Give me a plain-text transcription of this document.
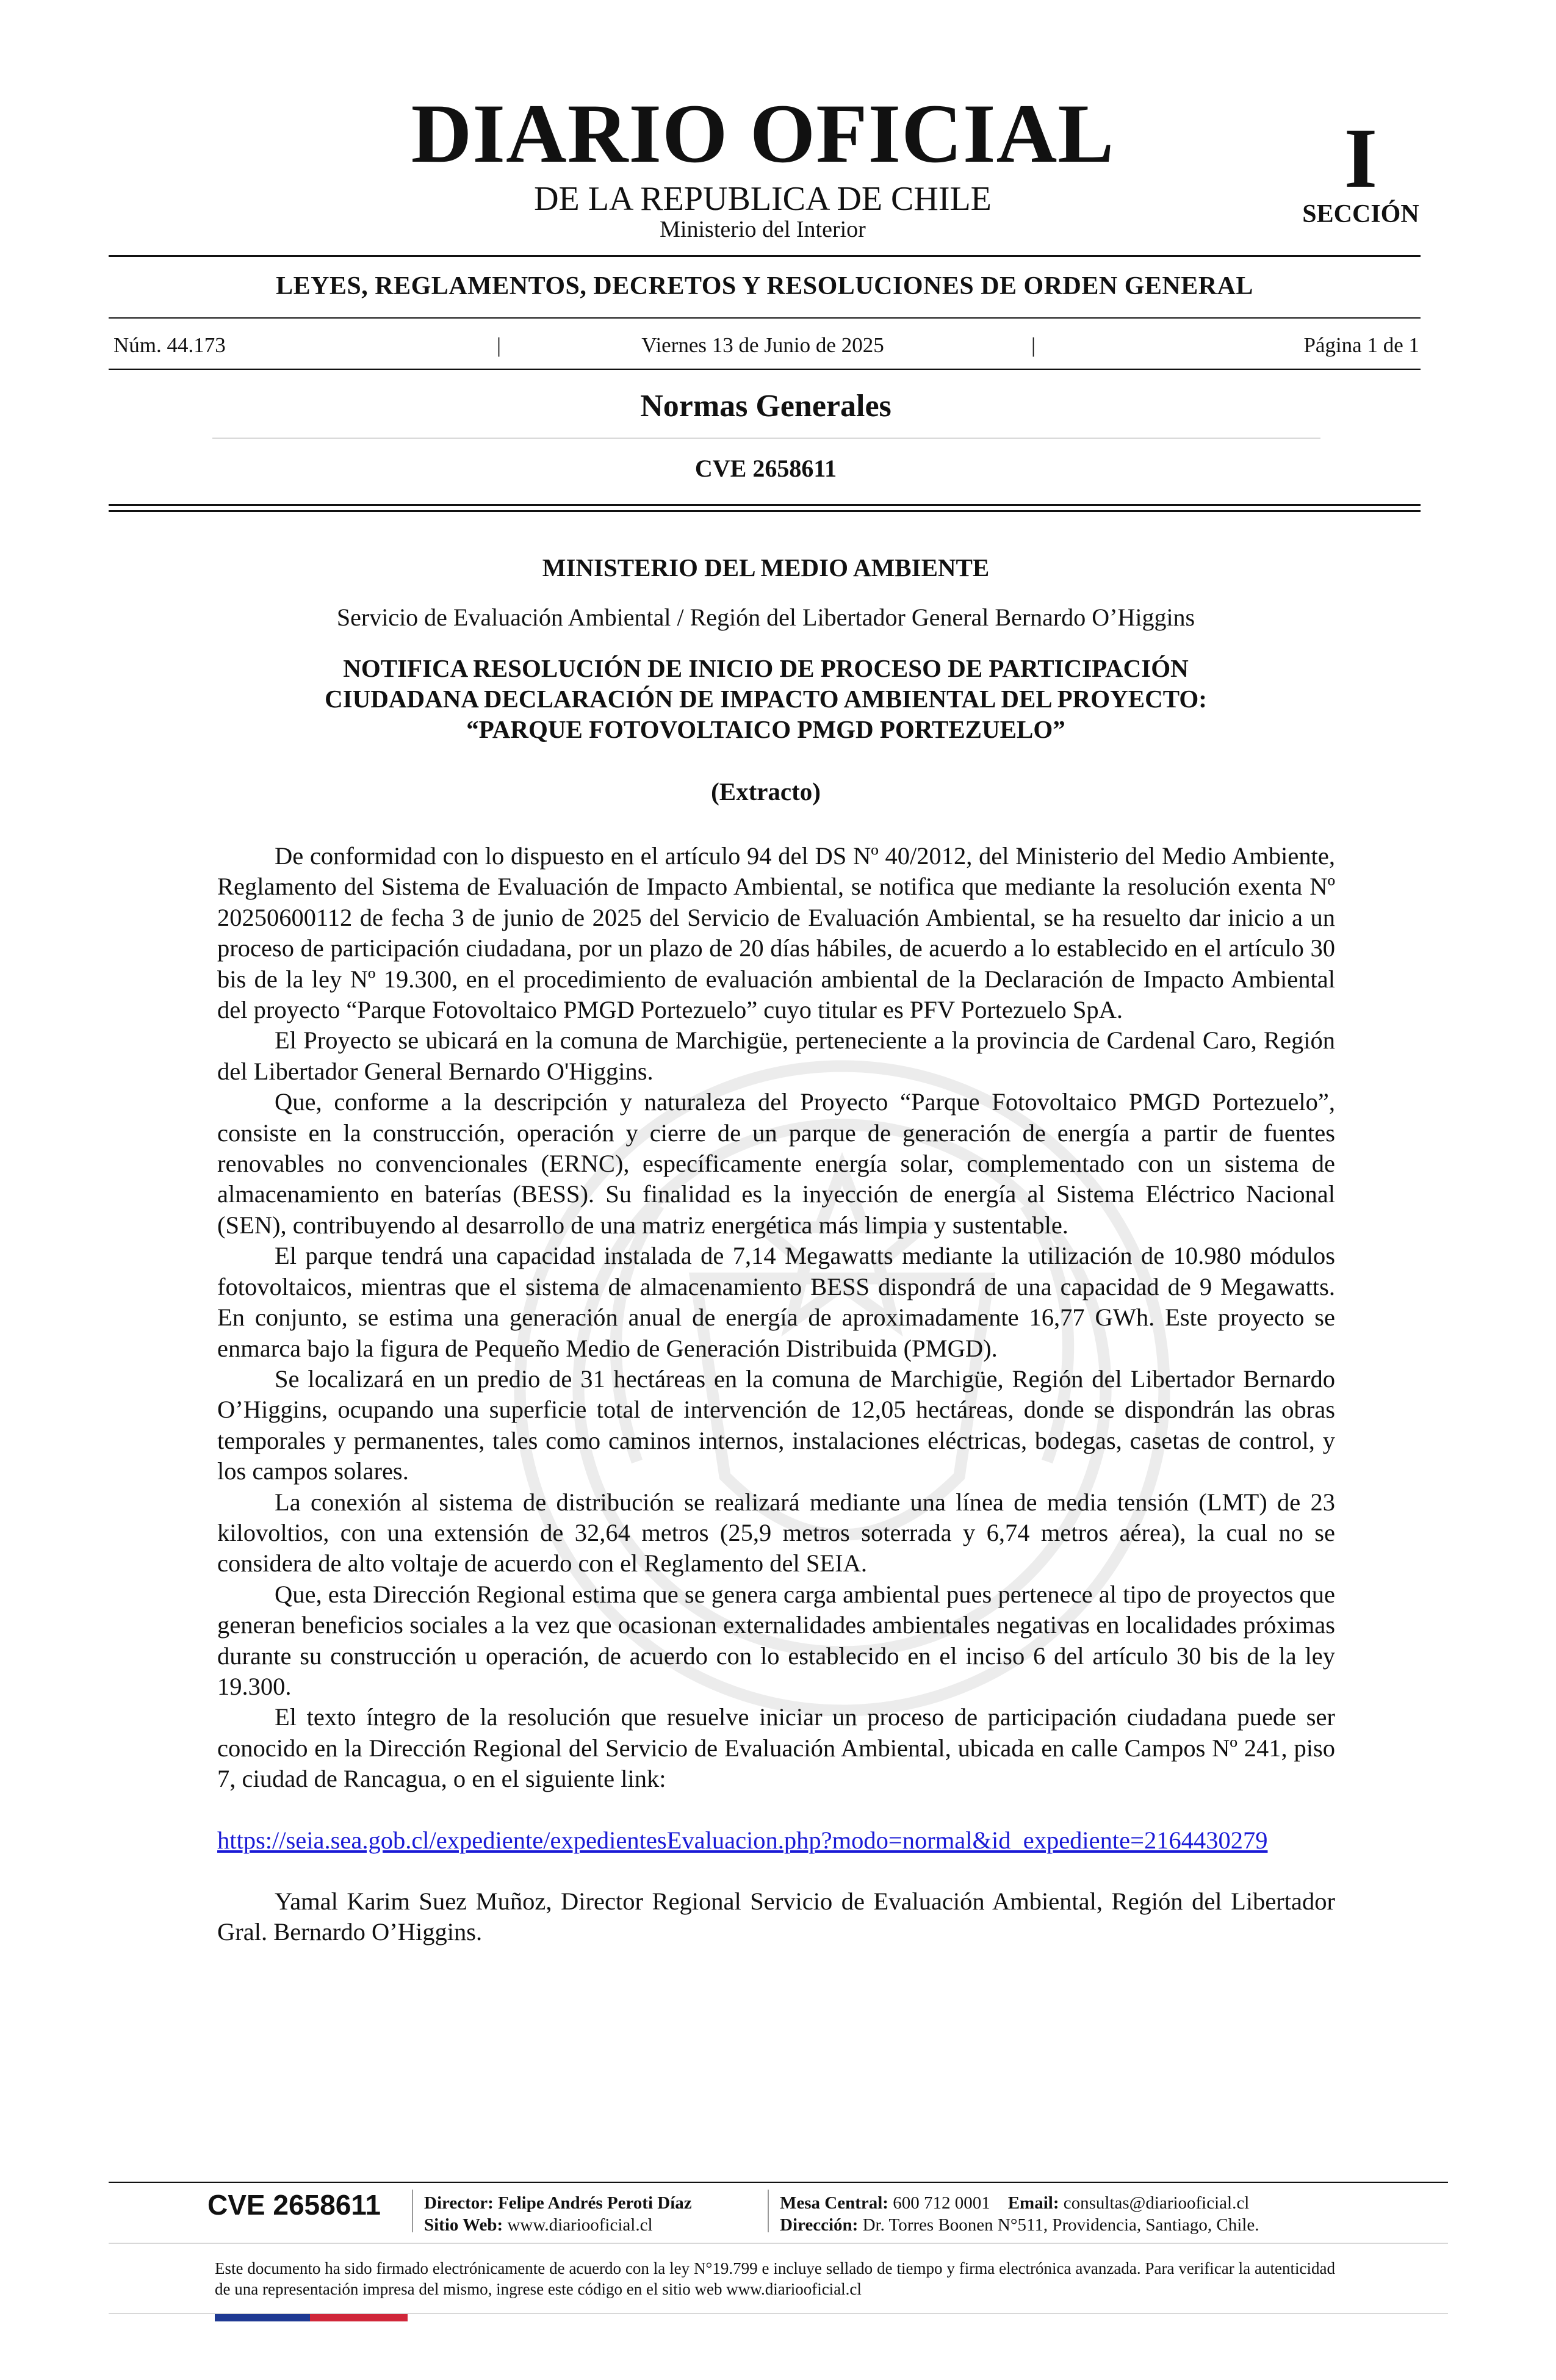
DIARIO OFICIAL
DE LA REPUBLICA DE CHILE
Ministerio del Interior
I
SECCIÓN
LEYES, REGLAMENTOS, DECRETOS Y RESOLUCIONES DE ORDEN GENERAL
Núm. 44.173	|	Viernes 13 de Junio de 2025	|	Página 1 de 1
Normas Generales
CVE 2658611
MINISTERIO DEL MEDIO AMBIENTE
Servicio de Evaluación Ambiental / Región del Libertador General Bernardo O’Higgins
NOTIFICA RESOLUCIÓN DE INICIO DE PROCESO DE PARTICIPACIÓN
CIUDADANA DECLARACIÓN DE IMPACTO AMBIENTAL DEL PROYECTO:
“PARQUE FOTOVOLTAICO PMGD PORTEZUELO”
(Extracto)

De conformidad con lo dispuesto en el artículo 94 del DS Nº 40/2012, del Ministerio del Medio Ambiente, Reglamento del Sistema de Evaluación de Impacto Ambiental, se notifica que mediante la resolución exenta Nº 20250600112 de fecha 3 de junio de 2025 del Servicio de Evaluación Ambiental, se ha resuelto dar inicio a un proceso de participación ciudadana, por un plazo de 20 días hábiles, de acuerdo a lo establecido en el artículo 30 bis de la ley Nº 19.300, en el procedimiento de evaluación ambiental de la Declaración de Impacto Ambiental del proyecto “Parque Fotovoltaico PMGD Portezuelo” cuyo titular es PFV Portezuelo SpA.

El Proyecto se ubicará en la comuna de Marchigüe, perteneciente a la provincia de Cardenal Caro, Región del Libertador General Bernardo O'Higgins.

Que, conforme a la descripción y naturaleza del Proyecto “Parque Fotovoltaico PMGD Portezuelo”, consiste en la construcción, operación y cierre de un parque de generación de energía a partir de fuentes renovables no convencionales (ERNC), específicamente energía solar, complementado con un sistema de almacenamiento en baterías (BESS). Su finalidad es la inyección de energía al Sistema Eléctrico Nacional (SEN), contribuyendo al desarrollo de una matriz energética más limpia y sustentable.

El parque tendrá una capacidad instalada de 7,14 Megawatts mediante la utilización de 10.980 módulos fotovoltaicos, mientras que el sistema de almacenamiento BESS dispondrá de una capacidad de 9 Megawatts. En conjunto, se estima una generación anual de energía de aproximadamente 16,77 GWh. Este proyecto se enmarca bajo la figura de Pequeño Medio de Generación Distribuida (PMGD).

Se localizará en un predio de 31 hectáreas en la comuna de Marchigüe, Región del Libertador Bernardo O’Higgins, ocupando una superficie total de intervención de 12,05 hectáreas, donde se dispondrán las obras temporales y permanentes, tales como caminos internos, instalaciones eléctricas, bodegas, casetas de control, y los campos solares.

La conexión al sistema de distribución se realizará mediante una línea de media tensión (LMT) de 23 kilovoltios, con una extensión de 32,64 metros (25,9 metros soterrada y 6,74 metros aérea), la cual no se considera de alto voltaje de acuerdo con el Reglamento del SEIA.

Que, esta Dirección Regional estima que se genera carga ambiental pues pertenece al tipo de proyectos que generan beneficios sociales a la vez que ocasionan externalidades ambientales negativas en localidades próximas durante su construcción u operación, de acuerdo con lo establecido en el inciso 6 del artículo 30 bis de la ley 19.300.

El texto íntegro de la resolución que resuelve iniciar un proceso de participación ciudadana puede ser conocido en la Dirección Regional del Servicio de Evaluación Ambiental, ubicada en calle Campos Nº 241, piso 7, ciudad de Rancagua, o en el siguiente link:

https://seia.sea.gob.cl/expediente/expedientesEvaluacion.php?modo=normal&id_expediente=2164430279

Yamal Karim Suez Muñoz, Director Regional Servicio de Evaluación Ambiental, Región del Libertador Gral. Bernardo O’Higgins.

CVE 2658611 Director: Felipe Andrés Peroti Díaz
Sitio Web: www.diariooficial.cl
Mesa Central: 600 712 0001 Email: consultas@diariooficial.cl
Dirección: Dr. Torres Boonen N°511, Providencia, Santiago, Chile.
Este documento ha sido firmado electrónicamente de acuerdo con la ley N°19.799 e incluye sellado de tiempo y firma electrónica avanzada. Para verificar la autenticidad de una representación impresa del mismo, ingrese este código en el sitio web www.diariooficial.cl
